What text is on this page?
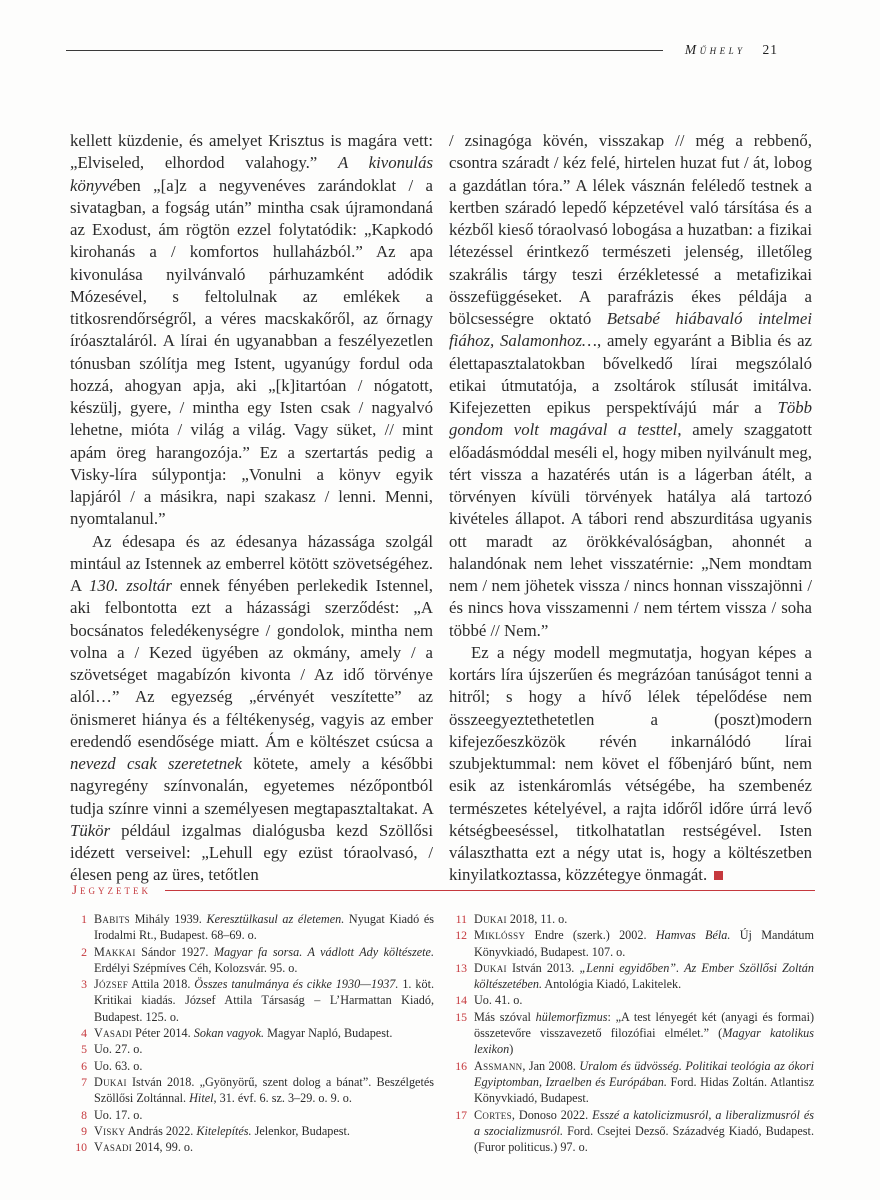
Műhely 21

kellett küzdenie, és amelyet Krisztus is magára vett: „Elviseled, elhordod valahogy.” A kivonulás könyvében „[a]z a negyvenéves zarándoklat / a sivatagban, a fogság után” mintha csak újramondaná az Exodust, ám rögtön ezzel folytatódik: „Kapkodó kirohanás a / komfortos hullaházból.” Az apa kivonulása nyilvánvaló párhuzamként adódik Mózesével, s feltolulnak az emlékek a titkosrendőrségről, a véres macskakőről, az őrnagy íróasztaláról. A lírai én ugyanabban a feszélyezetlen tónusban szólítja meg Istent, ugyanúgy fordul oda hozzá, ahogyan apja, aki „[k]itartóan / nógatott, készülj, gyere, / mintha egy Isten csak / nagyalvó lehetne, mióta / világ a világ. Vagy süket, // mint apám öreg harangozója.” Ez a szertartás pedig a Visky-líra súlypontja: „Vonulni a könyv egyik lapjáról / a másikra, napi szakasz / lenni. Menni, nyomtalanul.”

Az édesapa és az édesanya házassága szolgál mintául az Istennek az emberrel kötött szövetségéhez. A 130. zsoltár ennek fényében perlekedik Istennel, aki felbontotta ezt a házassági szerződést: „A bocsánatos feledékenységre / gondolok, mintha nem volna a / Kezed ügyében az okmány, amely / a szövetséget magabízón kivonta / Az idő törvénye alól…” Az egyezség „érvényét veszítette” az önismeret hiánya és a féltékenység, vagyis az ember eredendő esendősége miatt. Ám e költészet csúcsa a nevezd csak szeretetnek kötete, amely a későbbi nagyregény színvonalán, egyetemes nézőpontból tudja színre vinni a személyesen megtapasztaltakat. A Tükör például izgalmas dialógusba kezd Szöllősi idézett verseivel: „Lehull egy ezüst tóraolvasó, / élesen peng az üres, tetőtlen

/ zsinagóga kövén, visszakap // még a rebbenő, csontra száradt / kéz felé, hirtelen huzat fut / át, lobog a gazdátlan tóra.” A lélek vásznán feléledő testnek a kertben száradó lepedő képzetével való társítása és a kézből kieső tóraolvasó lobogása a huzatban: a fizikai létezéssel érintkező természeti jelenség, illetőleg szakrális tárgy teszi érzékletessé a metafizikai összefüggéseket. A parafrázis ékes példája a bölcsességre oktató Betsabé hiábavaló intelmei fiához, Salamonhoz…, amely egyaránt a Biblia és az élettapasztalatokban bővelkedő lírai megszólaló etikai útmutatója, a zsoltárok stílusát imitálva. Kifejezetten epikus perspektívájú már a Több gondom volt magával a testtel, amely szaggatott előadásmóddal meséli el, hogy miben nyilvánult meg, tért vissza a hazatérés után is a lágerban átélt, a törvényen kívüli törvények hatálya alá tartozó kivételes állapot. A tábori rend abszurditása ugyanis ott maradt az örökkévalóságban, ahonnét a halandónak nem lehet visszatérnie: „Nem mondtam nem / nem jöhetek vissza / nincs honnan visszajönni / és nincs hova visszamenni / nem tértem vissza / soha többé // Nem.”

Ez a négy modell megmutatja, hogyan képes a kortárs líra újszerűen és megrázóan tanúságot tenni a hitről; s hogy a hívő lélek tépelődése nem összeegyeztethetetlen a (poszt)modern kifejezőeszközök révén inkarnálódó lírai szubjektummal: nem követ el főbenjáró bűnt, nem esik az istenkáromlás vétségébe, ha szembenéz természetes kételyével, a rajta időről időre úrrá levő kétségbeeséssel, titkolhatatlan restségével. Isten választhatta ezt a négy utat is, hogy a költészetben kinyilatkoztassa, közzétegye önmagát.

Jegyzetek
1 Babits Mihály 1939. Keresztülkasul az életemen. Nyugat Kiadó és Irodalmi Rt., Budapest. 68–69. o.
2 Makkai Sándor 1927. Magyar fa sorsa. A vádlott Ady költészete. Erdélyi Szépmíves Céh, Kolozsvár. 95. o.
3 József Attila 2018. Összes tanulmánya és cikke 1930—1937. 1. köt. Kritikai kiadás. József Attila Társaság – L’Harmattan Kiadó, Budapest. 125. o.
4 Vasadi Péter 2014. Sokan vagyok. Magyar Napló, Budapest.
5 Uo. 27. o.
6 Uo. 63. o.
7 Dukai István 2018. „Gyönyörű, szent dolog a bánat”. Beszélgetés Szöllősi Zoltánnal. Hitel, 31. évf. 6. sz. 3–29. o. 9. o.
8 Uo. 17. o.
9 Visky András 2022. Kitelepítés. Jelenkor, Budapest.
10 Vasadi 2014, 99. o.
11 Dukai 2018, 11. o.
12 Miklóssy Endre (szerk.) 2002. Hamvas Béla. Új Mandátum Könyvkiadó, Budapest. 107. o.
13 Dukai István 2013. „Lenni egyidőben”. Az Ember Szöllősi Zoltán költészetében. Antológia Kiadó, Lakitelek.
14 Uo. 41. o.
15 Más szóval hülemorfizmus: „A test lényegét két (anyagi és formai) összetevőre visszavezető filozófiai elmélet.” (Magyar katolikus lexikon)
16 Assmann, Jan 2008. Uralom és üdvösség. Politikai teológia az ókori Egyiptomban, Izraelben és Európában. Ford. Hidas Zoltán. Atlantisz Könyvkiadó, Budapest.
17 Cortes, Donoso 2022. Esszé a katolicizmusról, a liberalizmusról és a szocializmusról. Ford. Csejtei Dezső. Századvég Kiadó, Budapest. (Furor politicus.) 97. o.
